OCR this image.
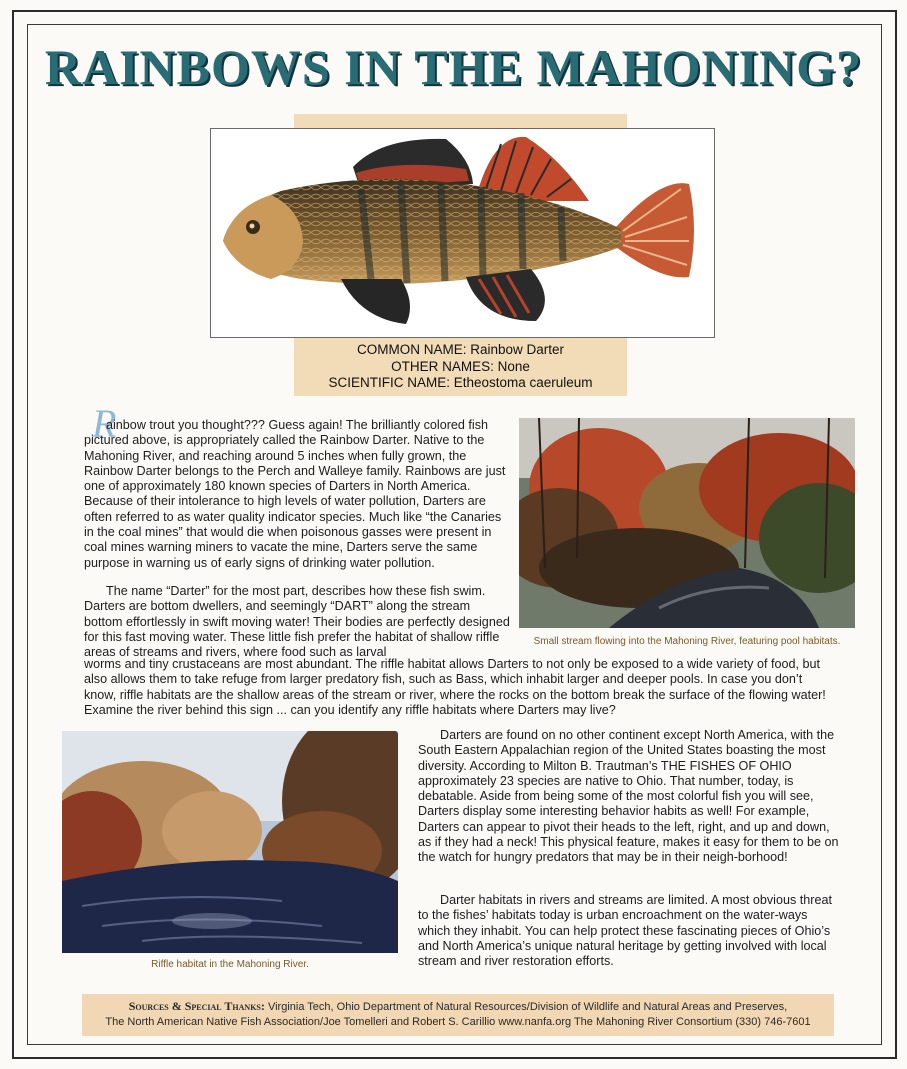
RAINBOWS IN THE MAHONING?
COMMON NAME: Rainbow Darter
OTHER NAMES: None
SCIENTIFIC NAME: Etheostoma caeruleum
R

ainbow trout you thought??? Guess again! The brilliantly colored fish pictured above, is appropriately called the Rainbow Darter. Native to the Mahoning River, and reaching around 5 inches when fully grown, the Rainbow Darter belongs to the Perch and Walleye family. Rainbows are just one of approximately 180 known species of Darters in North America. Because of their intolerance to high levels of water pollution, Darters are often referred to as water quality indicator species. Much like “the Canaries in the coal mines” that would die when poisonous gasses were present in coal mines warning miners to vacate the mine, Darters serve the same purpose in warning us of early signs of drinking water pollution.

The name “Darter” for the most part, describes how these fish swim. Darters are bottom dwellers, and seemingly “DART” along the stream bottom effortlessly in swift moving water! Their bodies are perfectly designed for this fast moving water. These little fish prefer the habitat of shallow riffle areas of streams and rivers, where food such as larval

worms and tiny crustaceans are most abundant. The riffle habitat allows Darters to not only be exposed to a wide variety of food, but also allows them to take refuge from larger predatory fish, such as Bass, which inhabit larger and deeper pools. In case you don’t know, riffle habitats are the shallow areas of the stream or river, where the rocks on the bottom break the surface of the flowing water! Examine the river behind this sign ... can you identify any riffle habitats where Darters may live?

Small stream flowing into the Mahoning River, featuring pool habitats.
Riffle habitat in the Mahoning River.

Darters are found on no other continent except North America, with the South Eastern Appalachian region of the United States boasting the most diversity. According to Milton B. Trautman’s THE FISHES OF OHIO approximately 23 species are native to Ohio. That number, today, is debatable. Aside from being some of the most colorful fish you will see, Darters display some interesting behavior habits as well! For example, Darters can appear to pivot their heads to the left, right, and up and down, as if they had a neck! This physical feature, makes it easy for them to be on the watch for hungry predators that may be in their neigh-borhood!

Darter habitats in rivers and streams are limited. A most obvious threat to the fishes’ habitats today is urban encroachment on the water-ways which they inhabit. You can help protect these fascinating pieces of Ohio’s and North America’s unique natural heritage by getting involved with local stream and river restoration efforts.

Sources & Special Thanks: Virginia Tech, Ohio Department of Natural Resources/Division of Wildlife and Natural Areas and Preserves,
The North American Native Fish Association/Joe Tomelleri and Robert S. Carillio www.nanfa.org The Mahoning River Consortium (330) 746-7601
